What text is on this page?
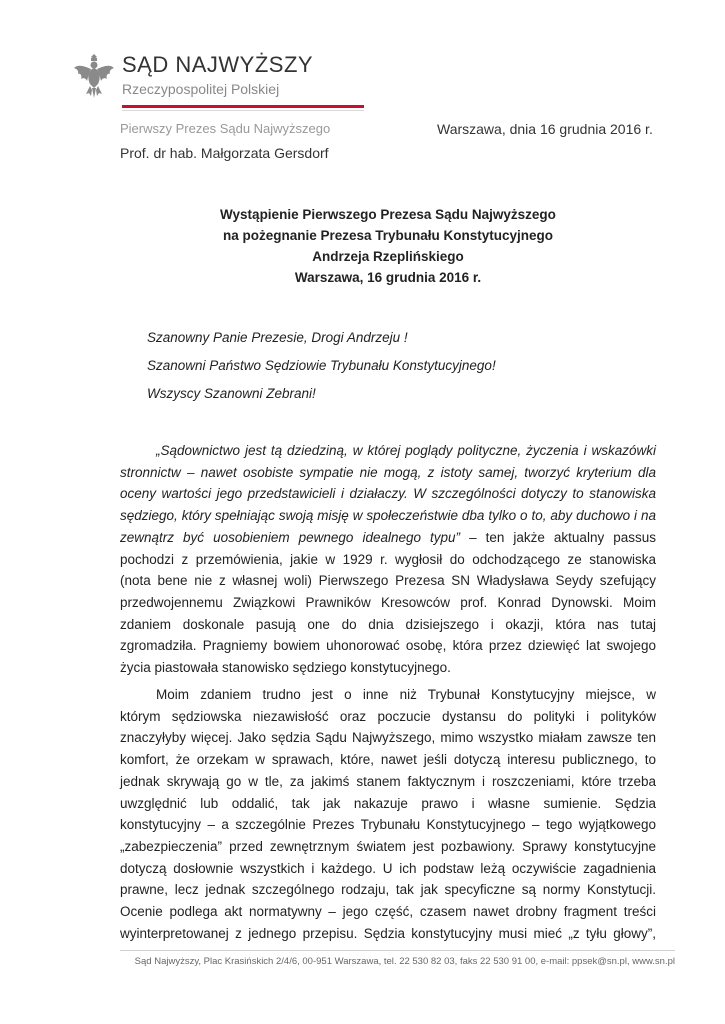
SĄD NAJWYŻSZY
Rzeczypospolitej Polskiej
Pierwszy Prezes Sądu Najwyższego	Warszawa, dnia 16 grudnia 2016 r.
Prof. dr hab. Małgorzata Gersdorf
Wystąpienie Pierwszego Prezesa Sądu Najwyższego
na pożegnanie Prezesa Trybunału Konstytucyjnego
Andrzeja Rzeplińskiego
Warszawa, 16 grudnia 2016 r.
Szanowny Panie Prezesie, Drogi Andrzeju !
Szanowni Państwo Sędziowie Trybunału Konstytucyjnego!
Wszyscy Szanowni Zebrani!
„Sądownictwo jest tą dziedziną, w której poglądy polityczne, życzenia i wskazówki
stronnictw – nawet osobiste sympatie nie mogą, z istoty samej, tworzyć kryterium dla
oceny wartości jego przedstawicieli i działaczy. W szczególności dotyczy to stanowiska
sędziego, który spełniając swoją misję w społeczeństwie dba tylko o to, aby duchowo i na
zewnątrz być uosobieniem pewnego idealnego typu” – ten jakże aktualny passus
pochodzi z przemówienia, jakie w 1929 r. wygłosił do odchodzącego ze stanowiska
(nota bene nie z własnej woli) Pierwszego Prezesa SN Władysława Seydy szefujący
przedwojennemu Związkowi Prawników Kresowców prof. Konrad Dynowski. Moim
zdaniem doskonale pasują one do dnia dzisiejszego i okazji, która nas tutaj
zgromadziła. Pragniemy bowiem uhonorować osobę, która przez dziewięć lat swojego
życia piastowała stanowisko sędziego konstytucyjnego.
Moim zdaniem trudno jest o inne niż Trybunał Konstytucyjny miejsce, w
którym sędziowska niezawisłość oraz poczucie dystansu do polityki i polityków
znaczyłyby więcej. Jako sędzia Sądu Najwyższego, mimo wszystko miałam zawsze ten
komfort, że orzekam w sprawach, które, nawet jeśli dotyczą interesu publicznego, to
jednak skrywają go w tle, za jakimś stanem faktycznym i roszczeniami, które trzeba
uwzględnić lub oddalić, tak jak nakazuje prawo i własne sumienie. Sędzia
konstytucyjny – a szczególnie Prezes Trybunału Konstytucyjnego – tego wyjątkowego
„zabezpieczenia” przed zewnętrznym światem jest pozbawiony. Sprawy konstytucyjne
dotyczą dosłownie wszystkich i każdego. U ich podstaw leżą oczywiście zagadnienia
prawne, lecz jednak szczególnego rodzaju, tak jak specyficzne są normy Konstytucji.
Ocenie podlega akt normatywny – jego część, czasem nawet drobny fragment treści
wyinterpretowanej z jednego przepisu. Sędzia konstytucyjny musi mieć „z tyłu głowy”,
Sąd Najwyższy, Plac Krasińskich 2/4/6, 00-951 Warszawa, tel. 22 530 82 03, faks 22 530 91 00, e-mail: ppsek@sn.pl, www.sn.pl
